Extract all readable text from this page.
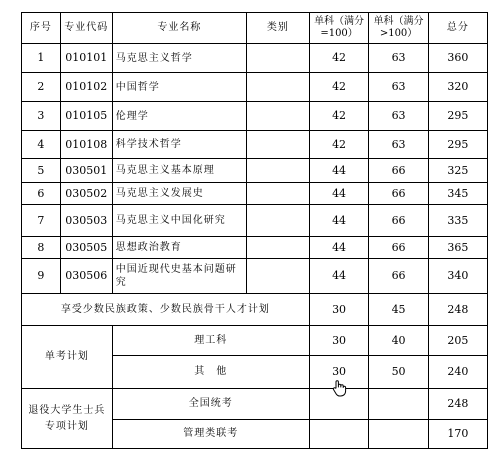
序号	专业代码	专业名称	类别	单科（满分=100）	单科（满分>100）	总分
1	010101	马克思主义哲学		42	63	360
2	010102	中国哲学		42	63	320
3	010105	伦理学		42	63	295
4	010108	科学技术哲学		42	63	295
5	030501	马克思主义基本原理		44	66	325
6	030502	马克思主义发展史		44	66	345
7	030503	马克思主义中国化研究		44	66	335
8	030505	思想政治教育		44	66	365
9	030506	中国近现代史基本问题研究		44	66	340
享受少数民族政策、少数民族骨干人才计划				30	45	248
单考计划		理工科		30	40	205
		其　他		30	50	240

退役大学生士兵专项计划		全国统考				248
		管理类联考				170
